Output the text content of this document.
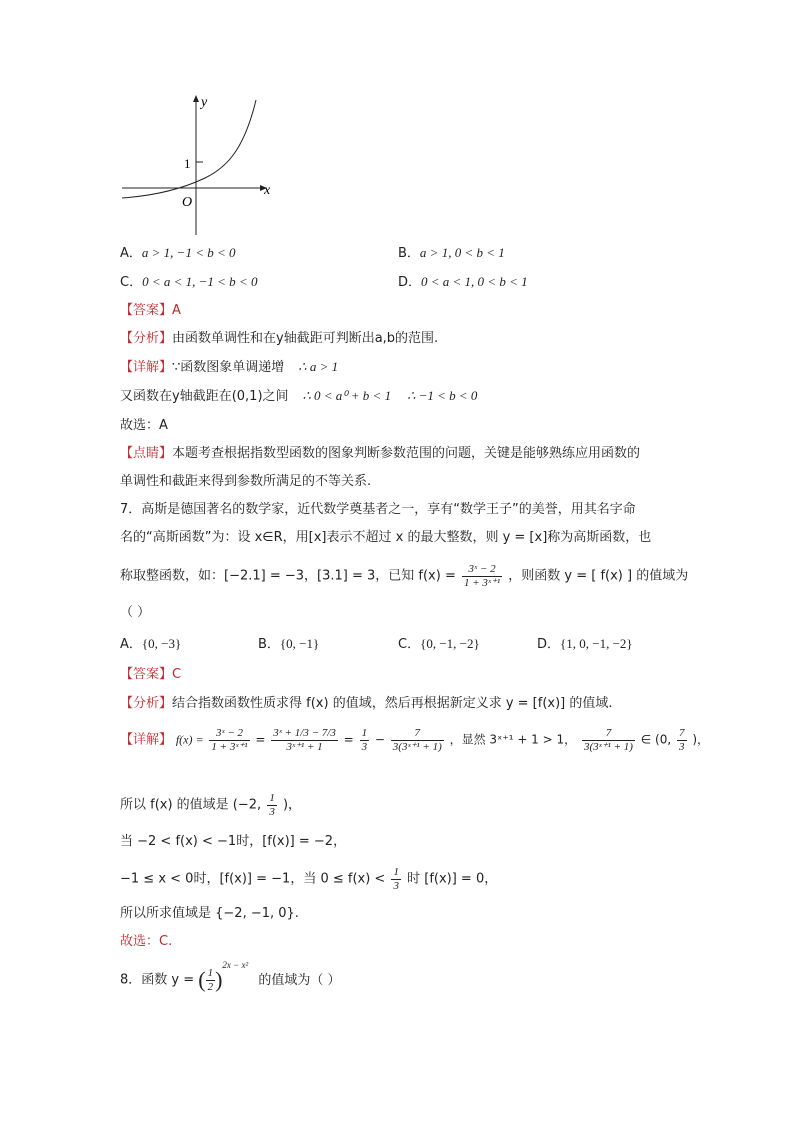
y
x
O
1
A．a > 1, −1 < b < 0	B．a > 1, 0 < b < 1
C．0 < a < 1, −1 < b < 0	D．0 < a < 1, 0 < b < 1
【答案】A
【分析】由函数单调性和在y轴截距可判断出a,b的范围.
【详解】∵函数图象单调递增 ∴ a > 1
又函数在y轴截距在(0,1)之间 ∴ 0 < a⁰ + b < 1 ∴ −1 < b < 0
故选：A
【点睛】本题考查根据指数型函数的图象判断参数范围的问题，关键是能够熟练应用函数的
单调性和截距来得到参数所满足的不等关系.
7．高斯是德国著名的数学家，近代数学奠基者之一，享有“数学王子”的美誉，用其名字命
名的“高斯函数”为：设 x∈R，用[x]表示不超过 x 的最大整数，则 y = [x]称为高斯函数，也
称取整函数，如：[−2.1] = −3，[3.1] = 3，已知 $f(x) = \frac{\text{3ˣ − 2}}{\text{1 + 3ˣ⁺¹}}$ ，则函数 y = [ f(x) ] 的值域为
（ ）
A．{0, −3}	B．{0, −1}	C．{0, −1, −2}	D．{1, 0, −1, −2}
【答案】C
【分析】结合指数函数性质求得 f(x) 的值域，然后再根据新定义求 y = [f(x)] 的值域.
【详解】 $f(x) = \frac{\text{3ˣ − 2}}{\text{1 + 3ˣ⁺¹}} = \frac{\text{3ˣ + 1/3 − 7/3}}{\text{3ˣ⁺¹ + 1}} = \frac{1}{3} - \frac{7}{\text{3(3ˣ⁺¹ + 1)}}$ ，显然 3ˣ⁺¹ + 1 > 1， $\frac{7}{\text{3(3ˣ⁺¹ + 1)}}$ ∈ (0, $\frac{7}{3}$ )，
所以 f(x) 的值域是 (−2, $\frac{1}{3}$ )，
当 −2 < f(x) < −1时，[f(x)] = −2，
−1 ≤ x < 0时，[f(x)] = −1，当 $0 \le f(x) < \frac{1}{3}$ 时 [f(x)] = 0，
所以所求值域是 {−2, −1, 0}.
故选：C.
8．函数 y = ( $\frac{1}{2} )^{2x - x^2}$ 的值域为（ ）
